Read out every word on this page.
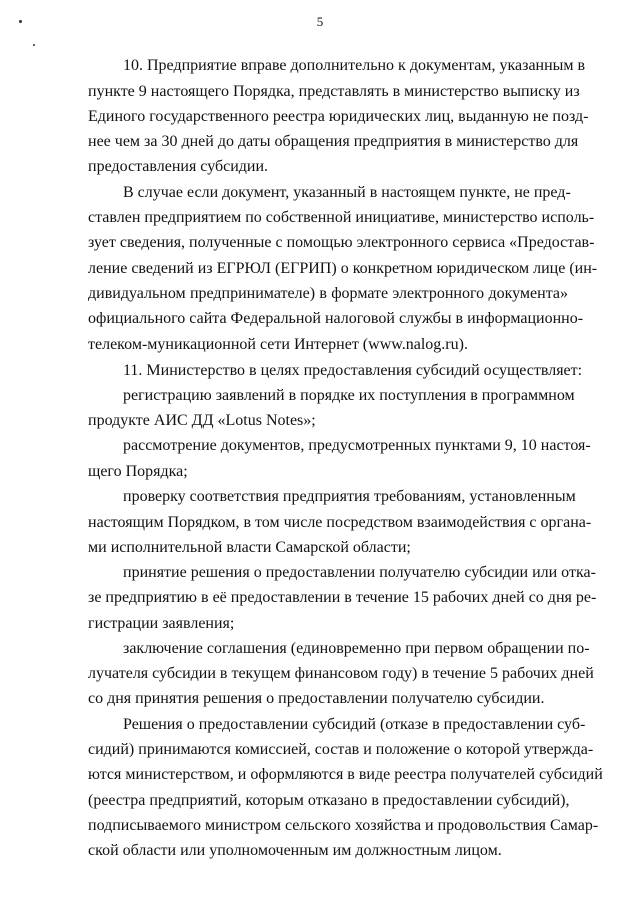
5

10. Предприятие вправе дополнительно к документам, указанным в

пункте 9 настоящего Порядка, представлять в министерство выписку из

Единого государственного реестра юридических лиц, выданную не позд-

нее чем за 30 дней до даты обращения предприятия в министерство для

предоставления субсидии.

В случае если документ, указанный в настоящем пункте, не пред-

ставлен предприятием по собственной инициативе, министерство исполь-

зует сведения, полученные с помощью электронного сервиса «Предостав-

ление сведений из ЕГРЮЛ (ЕГРИП) о конкретном юридическом лице (ин-

дивидуальном предпринимателе) в формате электронного документа»

официального сайта Федеральной налоговой службы в информационно-

телеком-муникационной сети Интернет (www.nalog.ru).

11. Министерство в целях предоставления субсидий осуществляет:

регистрацию заявлений в порядке их поступления в программном

продукте АИС ДД «Lotus Notes»;

рассмотрение документов, предусмотренных пунктами 9, 10 настоя-

щего Порядка;

проверку соответствия предприятия требованиям, установленным

настоящим Порядком, в том числе посредством взаимодействия с органа-

ми исполнительной власти Самарской области;

принятие решения о предоставлении получателю субсидии или отка-

зе предприятию в её предоставлении в течение 15 рабочих дней со дня ре-

гистрации заявления;

заключение соглашения (единовременно при первом обращении по-

лучателя субсидии в текущем финансовом году) в течение 5 рабочих дней

со дня принятия решения о предоставлении получателю субсидии.

Решения о предоставлении субсидий (отказе в предоставлении суб-

сидий) принимаются комиссией, состав и положение о которой утвержда-

ются министерством, и оформляются в виде реестра получателей субсидий

(реестра предприятий, которым отказано в предоставлении субсидий),

подписываемого министром сельского хозяйства и продовольствия Самар-

ской области или уполномоченным им должностным лицом.
